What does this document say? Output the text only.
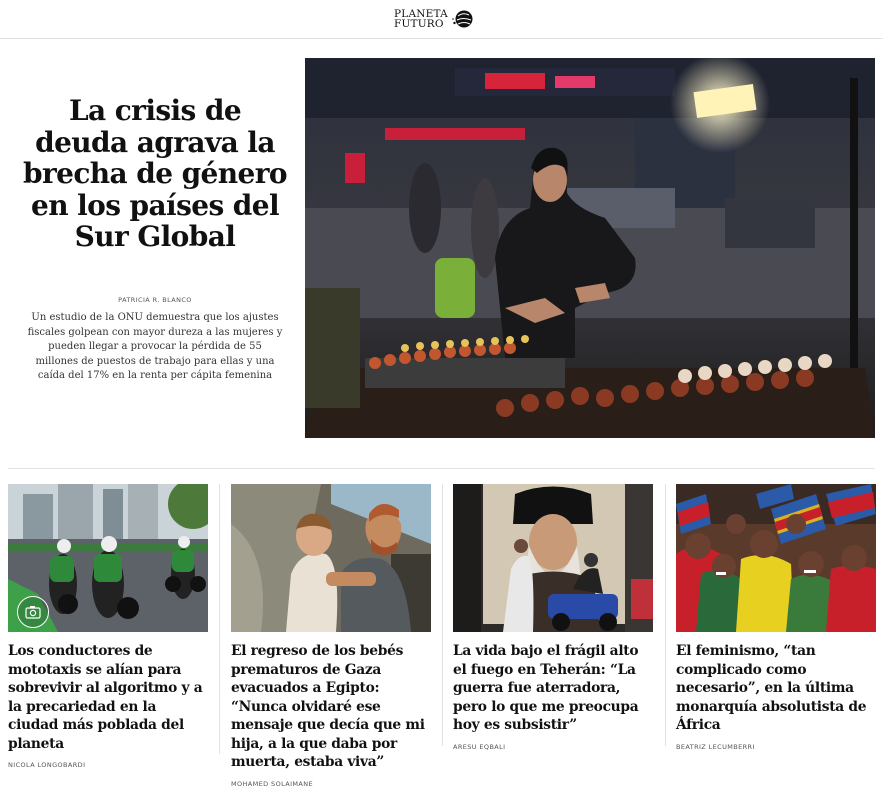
PLANETA
FUTURO
La crisis de deuda agrava la brecha de género en los países del Sur Global
PATRICIA R. BLANCO

Un estudio de la ONU demuestra que los ajustes fiscales golpean con mayor dureza a las mujeres y pueden llegar a provocar la pérdida de 55 millones de puestos de trabajo para ellas y una caída del 17% en la renta per cápita femenina

Los conductores de mototaxis se alían para sobrevivir al algoritmo y a la precariedad en la ciudad más poblada del planeta
NICOLA LONGOBARDI
El regreso de los bebés prematuros de Gaza evacuados a Egipto: “Nunca olvidaré ese mensaje que decía que mi hija, a la que daba por muerta, estaba viva”
MOHAMED SOLAIMANE
La vida bajo el frágil alto el fuego en Teherán: “La guerra fue aterradora, pero lo que me preocupa hoy es subsistir”
ARESU EQBALI
El feminismo, “tan complicado como necesario”, en la última monarquía absolutista de África
BEATRIZ LECUMBERRI
